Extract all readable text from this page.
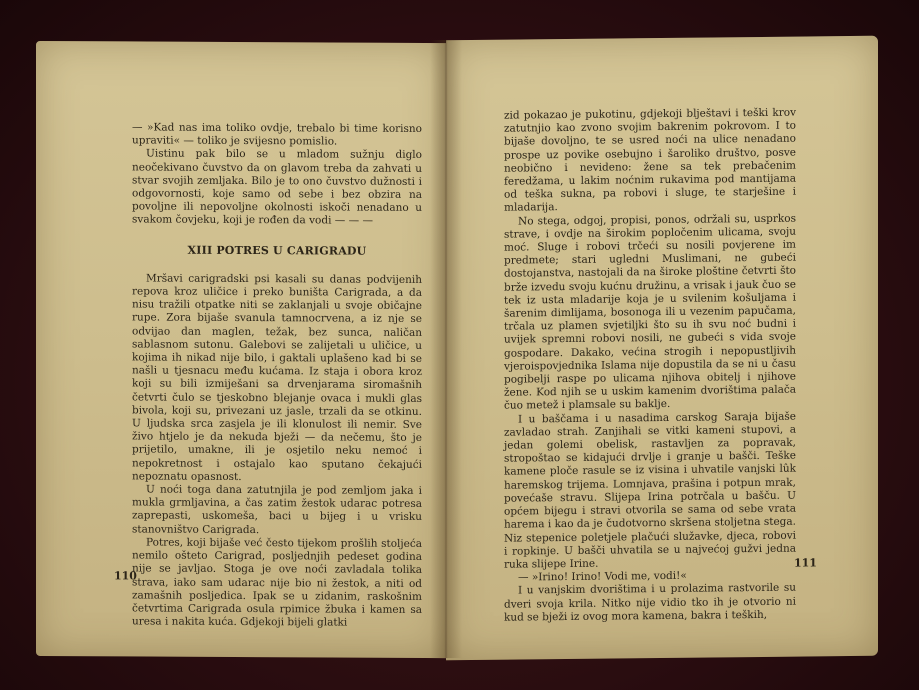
— »Kad nas ima toliko ovdje, trebalo bi time korisno upraviti« — toliko je svijesno pomislio.

Uistinu pak bilo se u mladom sužnju diglo neočekivano čuvstvo da on glavom treba da zahvati u stvar svojih zemljaka. Bilo je to ono čuvstvo dužnosti i odgovornosti, koje samo od sebe i bez obzira na povoljne ili nepovoljne okolnosti iskoči nenadano u svakom čovjeku, koji je rođen da vodi — — —

XIII POTRES U CARIGRADU

Mršavi carigradski psi kasali su danas podvijenih repova kroz uličice i preko buništa Carigrada, a da nisu tražili otpatke niti se zaklanjali u svoje običajne rupe. Zora bijaše svanula tamnocrvena, a iz nje se odvijao dan maglen, težak, bez sunca, naličan sablasnom sutonu. Galebovi se zalijetali u uličice, u kojima ih nikad nije bilo, i gaktali uplašeno kad bi se našli u tjesnacu među kućama. Iz staja i obora kroz koji su bili izmiješani sa drvenjarama siromašnih četvrti čulo se tjeskobno blejanje ovaca i mukli glas bivola, koji su, privezani uz jasle, trzali da se otkinu. U ljudska srca zasjela je ili klonulost ili nemir. Sve živo htjelo je da nekuda bježi — da nečemu, što je prijetilo, umakne, ili je osjetilo neku nemoć i nepokretnost i ostajalo kao sputano čekajući nepoznatu opasnost.

U noći toga dana zatutnjila je pod zemljom jaka i mukla grmljavina, a čas zatim žestok udarac potresa zaprepasti, uskomeša, baci u bijeg i u vrisku stanovništvo Carigrada.

Potres, koji bijaše već često tijekom prošlih stoljeća nemilo ošteto Carigrad, posljednjih pedeset godina nije se javljao. Stoga je ove noći zavladala tolika strava, iako sam udarac nije bio ni žestok, a niti od zamašnih posljedica. Ipak se u zidanim, raskošnim četvrtima Carigrada osula rpimice žbuka i kamen sa uresa i nakita kuća. Gdjekoji bijeli glatki

110

zid pokazao je pukotinu, gdjekoji blještavi i teški krov zatutnjio kao zvono svojim bakrenim pokrovom. I to bijaše dovoljno, te se usred noći na ulice nenadano prospe uz povike osebujno i šaroliko društvo, posve neobično i nevideno: žene sa tek prebačenim feredžama, u lakim noćnim rukavima pod mantijama od teška sukna, pa robovi i sluge, te starješine i mladarija.

No stega, odgoj, propisi, ponos, održali su, usprkos strave, i ovdje na širokim popločenim ulicama, svoju moć. Sluge i robovi trčeći su nosili povjerene im predmete; stari ugledni Muslimani, ne gubeći dostojanstva, nastojali da na široke ploštine četvrti što brže izvedu svoju kućnu družinu, a vrisak i jauk čuo se tek iz usta mladarije koja je u svilenim košuljama i šarenim dimlijama, bosonoga ili u vezenim papučama, trčala uz plamen svjetiljki što su ih svu noć budni i uvijek spremni robovi nosili, ne gubeći s vida svoje gospodare. Dakako, većina strogih i nepopustljivih vjeroispovjednika Islama nije dopustila da se ni u času pogibelji raspe po ulicama njihova obitelj i njihove žene. Kod njih se u uskim kamenim dvorištima palača čuo metež i plamsale su baklje.

I u baščama i u nasadima carskog Saraja bijaše zavladao strah. Zanjihali se vitki kameni stupovi, a jedan golemi obelisk, rastavljen za popravak, stropoštao se kidajući drvlje i granje u bašči. Teške kamene ploče rasule se iz visina i uhvatile vanjski lûk haremskog trijema. Lomnjava, prašina i potpun mrak, povećaše stravu. Slijepa Irina potrčala u bašču. U općem bijegu i stravi otvorila se sama od sebe vrata harema i kao da je čudotvorno skršena stoljetna stega. Niz stepenice poletjele plačući služavke, djeca, robovi i ropkinje. U bašči uhvatila se u najvećoj gužvi jedna ruka slijepe Irine.

— »Irino! Irino! Vodi me, vodi!«

I u vanjskim dvorištima i u prolazima rastvorile su dveri svoja krila. Nitko nije vidio tko ih je otvorio ni kud se bježi iz ovog mora kamena, bakra i teških,

111
